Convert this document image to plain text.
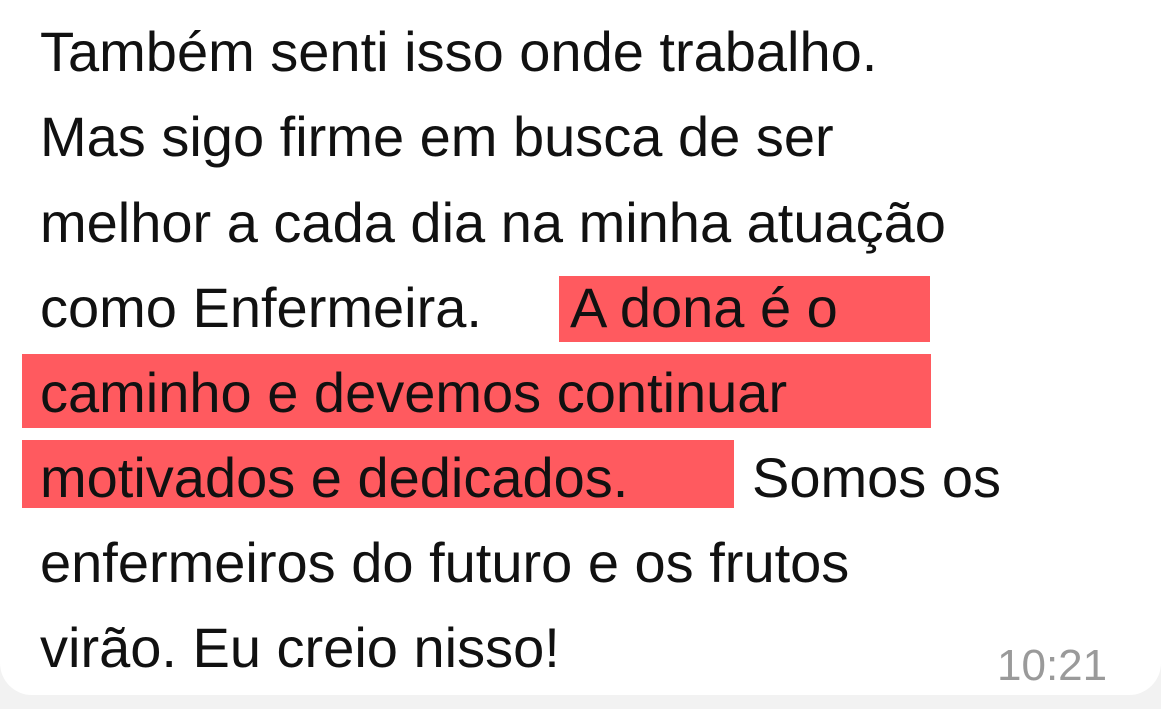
Também senti isso onde trabalho.
Mas sigo firme em busca de ser
melhor a cada dia na minha atuação
como Enfermeira. A dona é o
caminho e devemos continuar
motivados e dedicados. Somos os
enfermeiros do futuro e os frutos
virão. Eu creio nisso!	10:21
